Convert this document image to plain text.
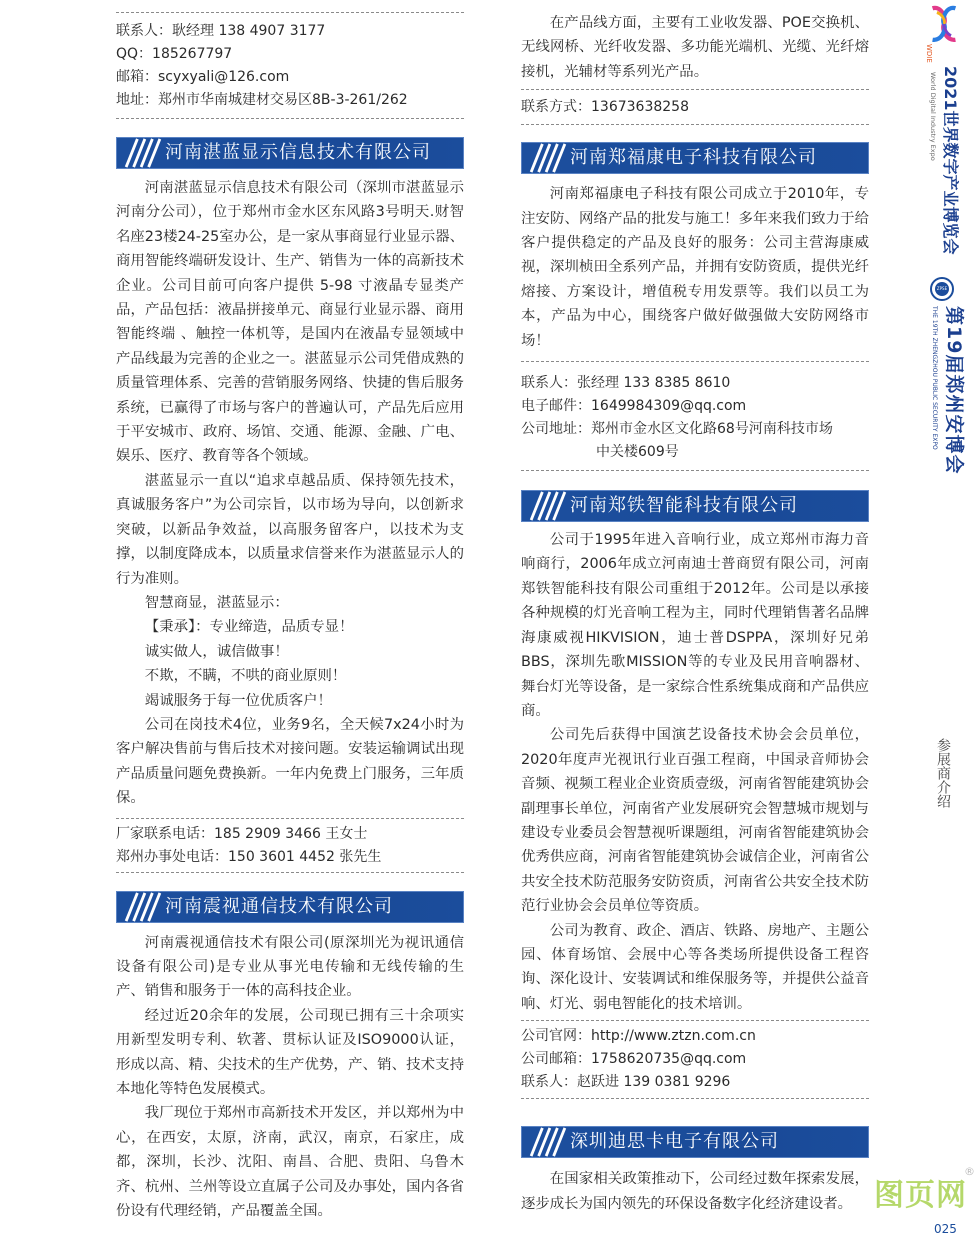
联系人：耿经理 138 4907 3177
QQ：185267797
邮箱：scyxyali@126.com
地址：郑州市华南城建材交易区8B-3-261/262
河南湛蓝显示信息技术有限公司

河南湛蓝显示信息技术有限公司（深圳市湛蓝显示河南分公司），位于郑州市金水区东风路3号明天.财智名座23楼24-25室办公，是一家从事商显行业显示器、商用智能终端研发设计、生产、销售为一体的高新技术企业。公司目前可向客户提供 5-98 寸液晶专显类产品，产品包括：液晶拼接单元、商显行业显示器、商用智能终端 、触控一体机等，是国内在液晶专显领域中产品线最为完善的企业之一。湛蓝显示公司凭借成熟的质量管理体系、完善的营销服务网络、快捷的售后服务系统，已赢得了市场与客户的普遍认可，产品先后应用于平安城市、政府、场馆、交通、能源、金融、广电、娱乐、医疗、教育等各个领域。

湛蓝显示一直以“追求卓越品质、保持领先技术，真诚服务客户”为公司宗旨，以市场为导向，以创新求突破，以新品争效益，以高服务留客户，以技术为支撑，以制度降成本，以质量求信誉来作为湛蓝显示人的行为准则。

智慧商显，湛蓝显示：

【秉承】：专业缔造，品质专显！

诚实做人，诚信做事！

不欺，不瞒，不哄的商业原则！

竭诚服务于每一位优质客户！

公司在岗技术4位，业务9名，全天候7x24小时为客户解决售前与售后技术对接问题。安装运输调试出现产品质量问题免费换新。一年内免费上门服务，三年质保。

厂家联系电话：185 2909 3466 王女士
郑州办事处电话：150 3601 4452 张先生
河南震视通信技术有限公司

河南震视通信技术有限公司(原深圳光为视讯通信设备有限公司)是专业从事光电传输和无线传输的生产、销售和服务于一体的高科技企业。

经过近20余年的发展，公司现已拥有三十余项实用新型发明专利、软著、贯标认证及ISO9000认证，形成以高、精、尖技术的生产优势，产、销、技术支持本地化等特色发展模式。

我厂现位于郑州市高新技术开发区，并以郑州为中心，在西安，太原，济南，武汉，南京，石家庄，成都，深圳，长沙、沈阳、南昌、合肥、贵阳、乌鲁木齐、杭州、兰州等设立直属子公司及办事处，国内各省份设有代理经销，产品覆盖全国。

在产品线方面，主要有工业收发器、POE交换机、无线网桥、光纤收发器、多功能光端机、光缆、光纤熔接机，光辅材等系列光产品。

联系方式：13673638258
河南郑福康电子科技有限公司

河南郑福康电子科技有限公司成立于2010年，专注安防、网络产品的批发与施工！多年来我们致力于给客户提供稳定的产品及良好的服务：公司主营海康威视，深圳桢田全系列产品，并拥有安防资质，提供光纤熔接、方案设计，增值税专用发票等。我们以员工为本，产品为中心，围绕客户做好做强做大安防网络市场！

联系人：张经理 133 8385 8610
电子邮件：1649984309@qq.com
公司地址：郑州市金水区文化路68号河南科技市场
中关楼609号
河南郑铁智能科技有限公司

公司于1995年进入音响行业，成立郑州市海力音响商行，2006年成立河南迪士普商贸有限公司，河南郑铁智能科技有限公司重组于2012年。公司是以承接各种规模的灯光音响工程为主，同时代理销售著名品牌海康威视HIKVISION，迪士普DSPPA，深圳好兄弟BBS，深圳先歌MISSION等的专业及民用音响器材、舞台灯光等设备，是一家综合性系统集成商和产品供应商。

公司先后获得中国演艺设备技术协会会员单位，2020年度声光视讯行业百强工程商，中国录音师协会音频、视频工程业企业资质壹级，河南省智能建筑协会副理事长单位，河南省产业发展研究会智慧城市规划与建设专业委员会智慧视听课题组，河南省智能建筑协会优秀供应商，河南省智能建筑协会诚信企业，河南省公共安全技术防范服务安防资质，河南省公共安全技术防范行业协会会员单位等资质。

公司为教育、政企、酒店、铁路、房地产、主题公园、体育场馆、会展中心等各类场所提供设备工程咨询、深化设计、安装调试和维保服务等，并提供公益音响、灯光、弱电智能化的技术培训。

公司官网：http://www.ztzn.com.cn
公司邮箱：1758620735@qq.com
联系人：赵跃进 139 0381 9296
深圳迪思卡电子有限公司

在国家相关政策推动下，公司经过数年探索发展，逐步成长为国内领先的环保设备数字化经济建设者。

WDIE
2021世界数字产业博览会
World Digital Industry Expo
ZPSE
第19届郑州安博会
THE 19TH ZHENGZHOU PUBLIC SECURITY EXPO
参展商介绍
®
图页网
025
